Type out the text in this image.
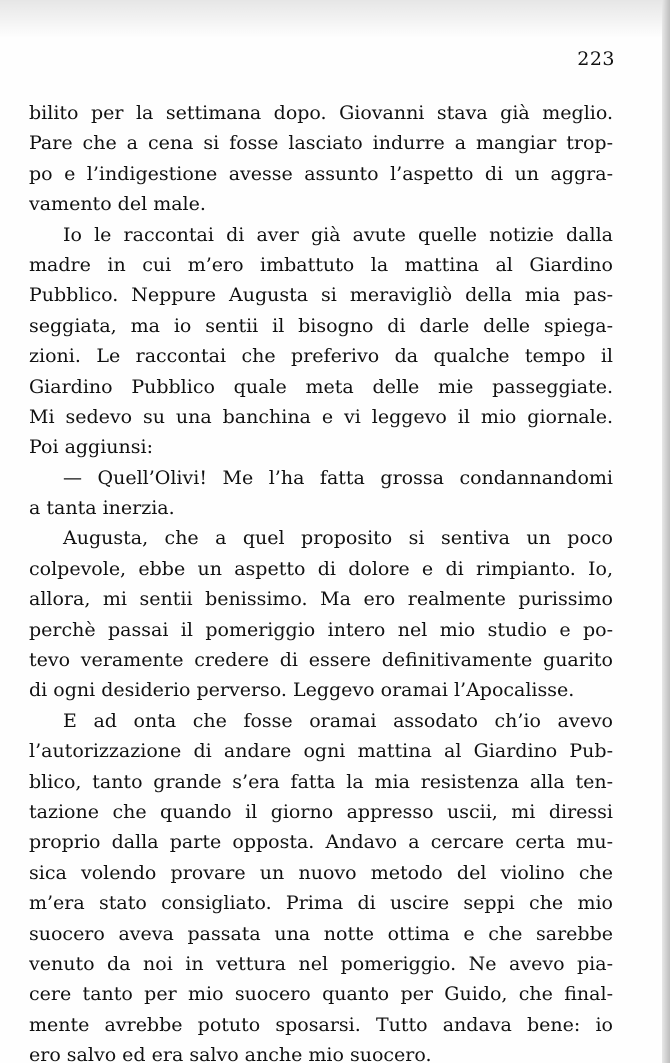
223
bilito per la settimana dopo. Giovanni stava già meglio.
Pare che a cena si fosse lasciato indurre a mangiar trop-
po e l’indigestione avesse assunto l’aspetto di un aggra-
vamento del male.
Io le raccontai di aver già avute quelle notizie dalla
madre in cui m’ero imbattuto la mattina al Giardino
Pubblico. Neppure Augusta si meravigliò della mia pas-
seggiata, ma io sentii il bisogno di darle delle spiega-
zioni. Le raccontai che preferivo da qualche tempo il
Giardino Pubblico quale meta delle mie passeggiate.
Mi sedevo su una banchina e vi leggevo il mio giornale.
Poi aggiunsi:
— Quell’Olivi! Me l’ha fatta grossa condannandomi
a tanta inerzia.
Augusta, che a quel proposito si sentiva un poco
colpevole, ebbe un aspetto di dolore e di rimpianto. Io,
allora, mi sentii benissimo. Ma ero realmente purissimo
perchè passai il pomeriggio intero nel mio studio e po-
tevo veramente credere di essere definitivamente guarito
di ogni desiderio perverso. Leggevo oramai l’Apocalisse.
E ad onta che fosse oramai assodato ch’io avevo
l’autorizzazione di andare ogni mattina al Giardino Pub-
blico, tanto grande s’era fatta la mia resistenza alla ten-
tazione che quando il giorno appresso uscii, mi diressi
proprio dalla parte opposta. Andavo a cercare certa mu-
sica volendo provare un nuovo metodo del violino che
m’era stato consigliato. Prima di uscire seppi che mio
suocero aveva passata una notte ottima e che sarebbe
venuto da noi in vettura nel pomeriggio. Ne avevo pia-
cere tanto per mio suocero quanto per Guido, che final-
mente avrebbe potuto sposarsi. Tutto andava bene: io
ero salvo ed era salvo anche mio suocero.
